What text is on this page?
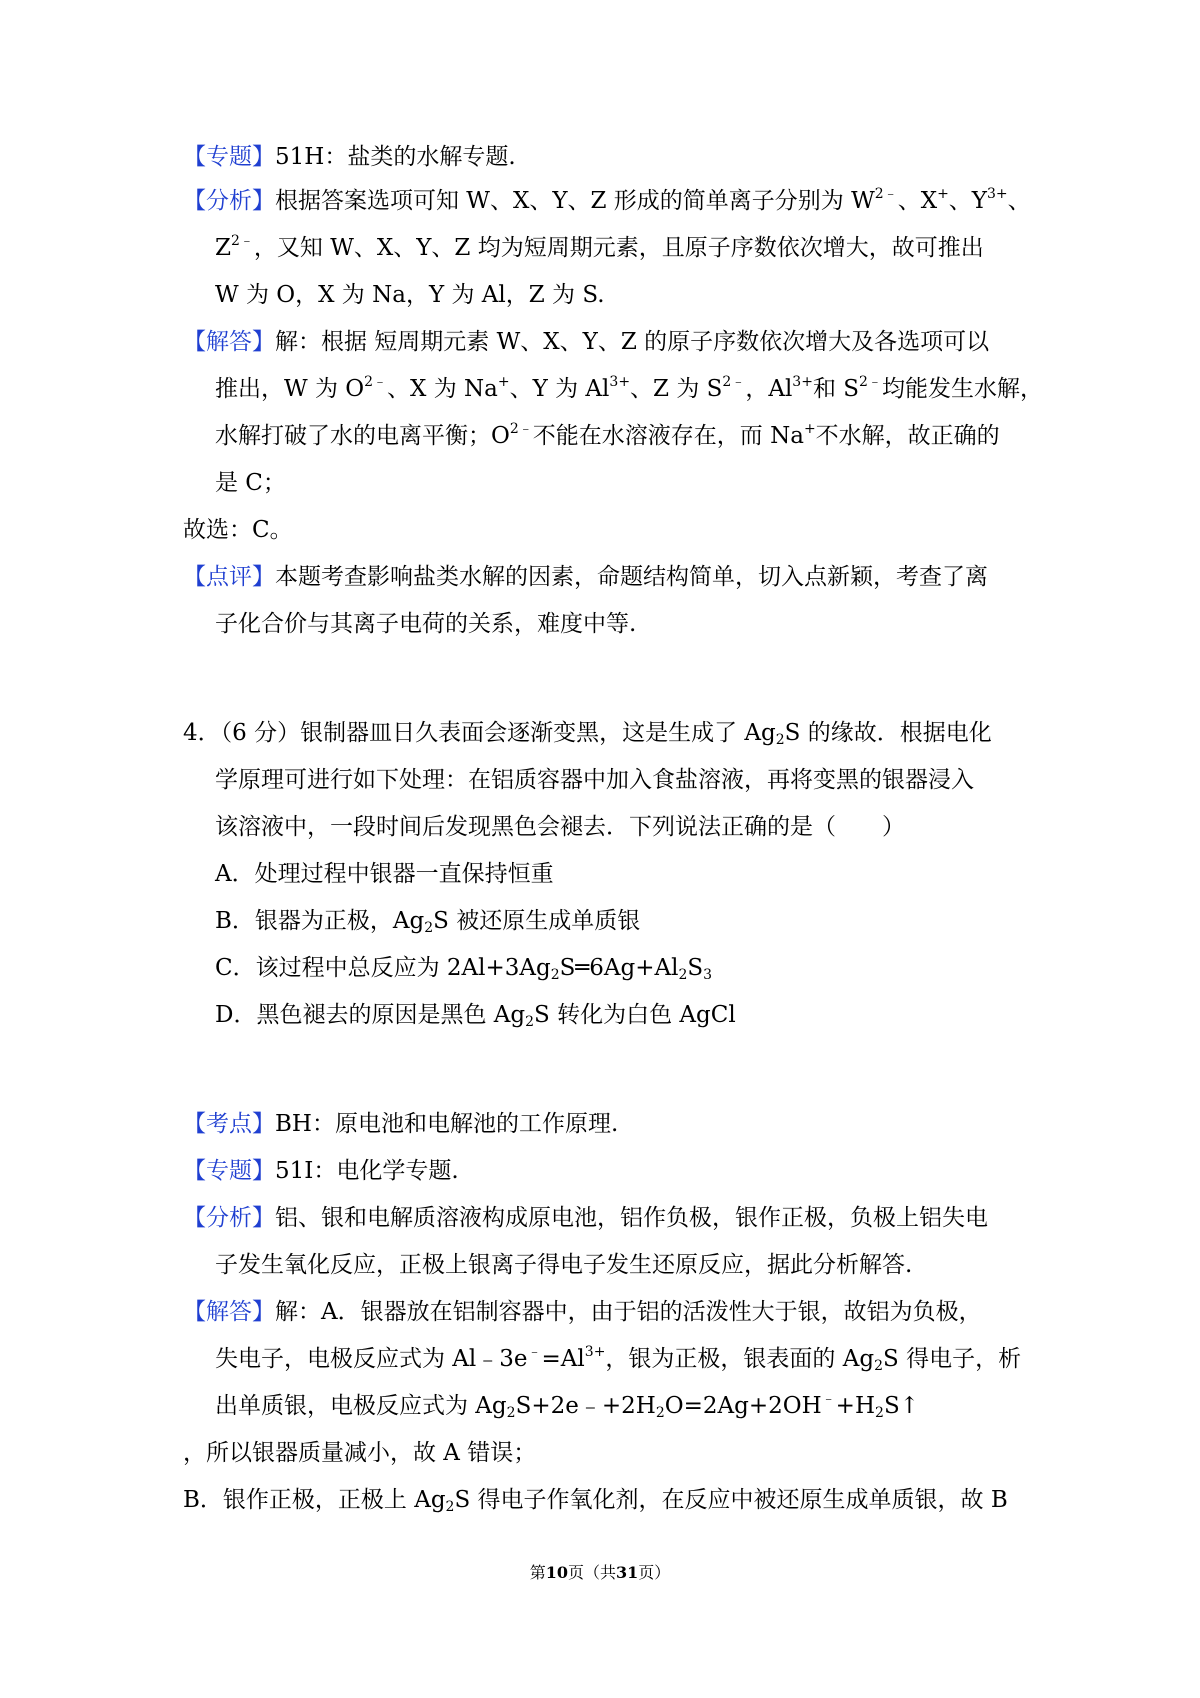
【专题】51H：盐类的水解专题.
【分析】根据答案选项可知 W、X、Y、Z 形成的简单离子分别为 $W^{2﹣}$、X+、$Y^{3+}$、
$Z^{2﹣}$，又知 W、X、Y、Z 均为短周期元素，且原子序数依次增大，故可推出
W 为 O，X 为 Na，Y 为 Al，Z 为 S.
【解答】解：根据 短周期元素 W、X、Y、Z 的原子序数依次增大及各选项可以
推出，W 为 $O^{2﹣}$、X 为 Na+、Y 为 $Al^{3+}$、Z 为 $S^{2﹣}$，$Al^{3+}$和 $S^{2﹣}$均能发生水解，
水解打破了水的电离平衡；$O^{2﹣}$不能在水溶液存在，而 Na+不水解，故正确的
是 C；
故选：C。
【点评】本题考查影响盐类水解的因素，命题结构简单，切入点新颖，考查了离
子化合价与其离子电荷的关系，难度中等.
4．（6 分）银制器皿日久表面会逐渐变黑，这是生成了 $Ag_2S$ 的缘故．根据电化
学原理可进行如下处理：在铝质容器中加入食盐溶液，再将变黑的银器浸入
该溶液中，一段时间后发现黑色会褪去．下列说法正确的是（　　）
A．处理过程中银器一直保持恒重
B．银器为正极，$Ag_2S$ 被还原生成单质银
C．该过程中总反应为 $2Al+3Ag_2S═6Ag+Al_2S_3$
D．黑色褪去的原因是黑色 $Ag_2S$ 转化为白色 AgCl
【考点】BH：原电池和电解池的工作原理.
【专题】51I：电化学专题.
【分析】铝、银和电解质溶液构成原电池，铝作负极，银作正极，负极上铝失电
子发生氧化反应，正极上银离子得电子发生还原反应，据此分析解答.
【解答】解：A．银器放在铝制容器中，由于铝的活泼性大于银，故铝为负极，
失电子，电极反应式为 $Al﹣3e^﹣=Al^{3+}$，银为正极，银表面的 $Ag_2S$ 得电子，析
出单质银，电极反应式为 $Ag_2S+2e﹣+2H_2O=2Ag+2OH^﹣+H_2S↑$
，所以银器质量减小，故 A 错误；
B．银作正极，正极上 $Ag_2S$ 得电子作氧化剂，在反应中被还原生成单质银，故 B
第10页（共31页）
